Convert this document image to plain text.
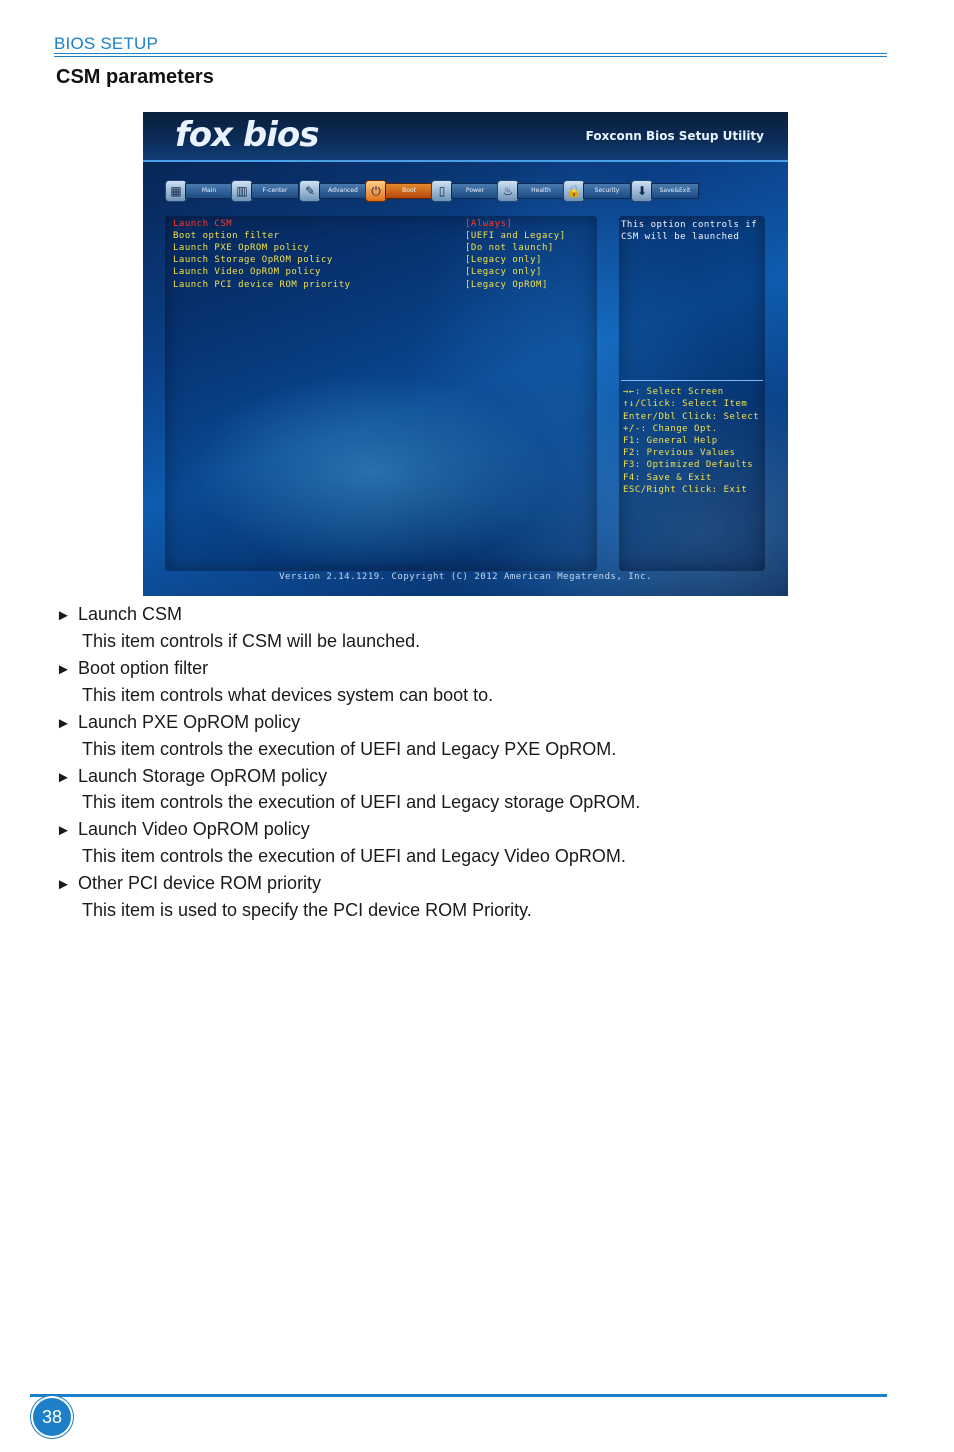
BIOS SETUP
CSM parameters
fox bios	Foxconn Bios Setup Utility
▦	Main	▥	F-center	✎	Advanced	⏻	Boot	▯	Power	♨	Health	🔒	Security	⬇	Save&Exit
Launch CSM	[Always]
Boot option filter	[UEFI and Legacy]
Launch PXE OpROM policy	[Do not launch]
Launch Storage OpROM policy	[Legacy only]
Launch Video OpROM policy	[Legacy only]
Launch PCI device ROM priority	[Legacy OpROM]
This option controls if
CSM will be launched
→←: Select Screen
↑↓/Click: Select Item
Enter/Dbl Click: Select
+/-: Change Opt.
F1: General Help
F2: Previous Values
F3: Optimized Defaults
F4: Save & Exit
ESC/Right Click: Exit
Version 2.14.1219. Copyright (C) 2012 American Megatrends, Inc.
► Launch CSM
This item controls if CSM will be launched.
► Boot option filter
This item controls what devices system can boot to.
► Launch PXE OpROM policy
This item controls the execution of UEFI and Legacy PXE OpROM.
► Launch Storage OpROM policy
This item controls the execution of UEFI and Legacy storage OpROM.
► Launch Video OpROM policy
This item controls the execution of UEFI and Legacy Video OpROM.
► Other PCI device ROM priority
This item is used to specify the PCI device ROM Priority.
38
